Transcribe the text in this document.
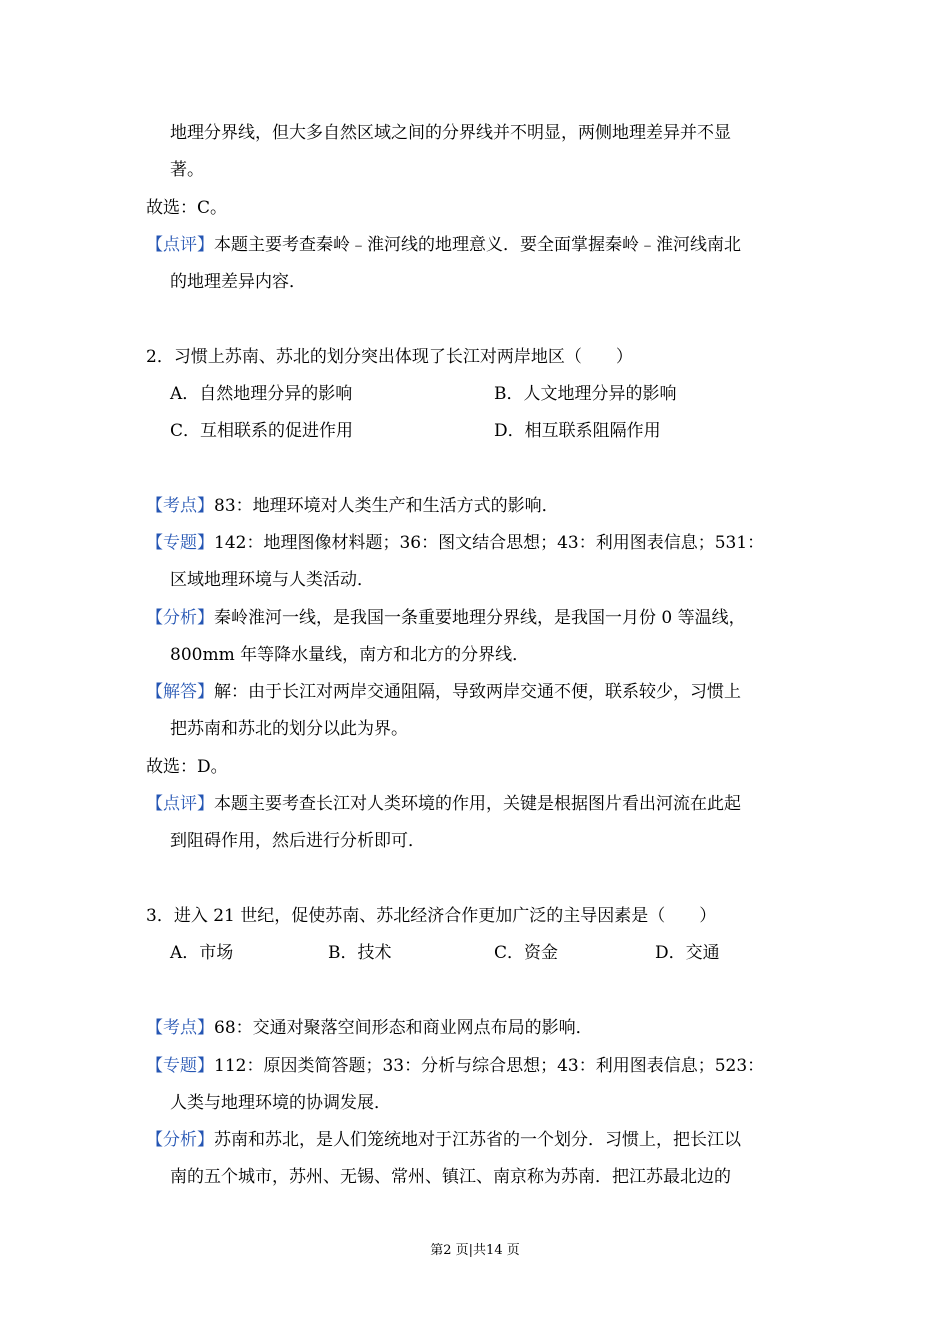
地理分界线，但大多自然区域之间的分界线并不明显，两侧地理差异并不显
著。
故选：C。
【点评】本题主要考查秦岭﹣淮河线的地理意义．要全面掌握秦岭﹣淮河线南北
的地理差异内容．
2．习惯上苏南、苏北的划分突出体现了长江对两岸地区（　　）
A．自然地理分异的影响	B．人文地理分异的影响
C．互相联系的促进作用	D．相互联系阻隔作用
【考点】83：地理环境对人类生产和生活方式的影响．
【专题】142：地理图像材料题；36：图文结合思想；43：利用图表信息；531：
区域地理环境与人类活动．
【分析】秦岭淮河一线，是我国一条重要地理分界线，是我国一月份 0 等温线，
800mm 年等降水量线，南方和北方的分界线．
【解答】解：由于长江对两岸交通阻隔，导致两岸交通不便，联系较少，习惯上
把苏南和苏北的划分以此为界。
故选：D。
【点评】本题主要考查长江对人类环境的作用，关键是根据图片看出河流在此起
到阻碍作用，然后进行分析即可．
3．进入 21 世纪，促使苏南、苏北经济合作更加广泛的主导因素是（　　）
A．市场	B．技术	C．资金	D．交通
【考点】68：交通对聚落空间形态和商业网点布局的影响．
【专题】112：原因类简答题；33：分析与综合思想；43：利用图表信息；523：
人类与地理环境的协调发展．
【分析】苏南和苏北，是人们笼统地对于江苏省的一个划分．习惯上，把长江以
南的五个城市，苏州、无锡、常州、镇江、南京称为苏南．把江苏最北边的
第2 页|共14 页
